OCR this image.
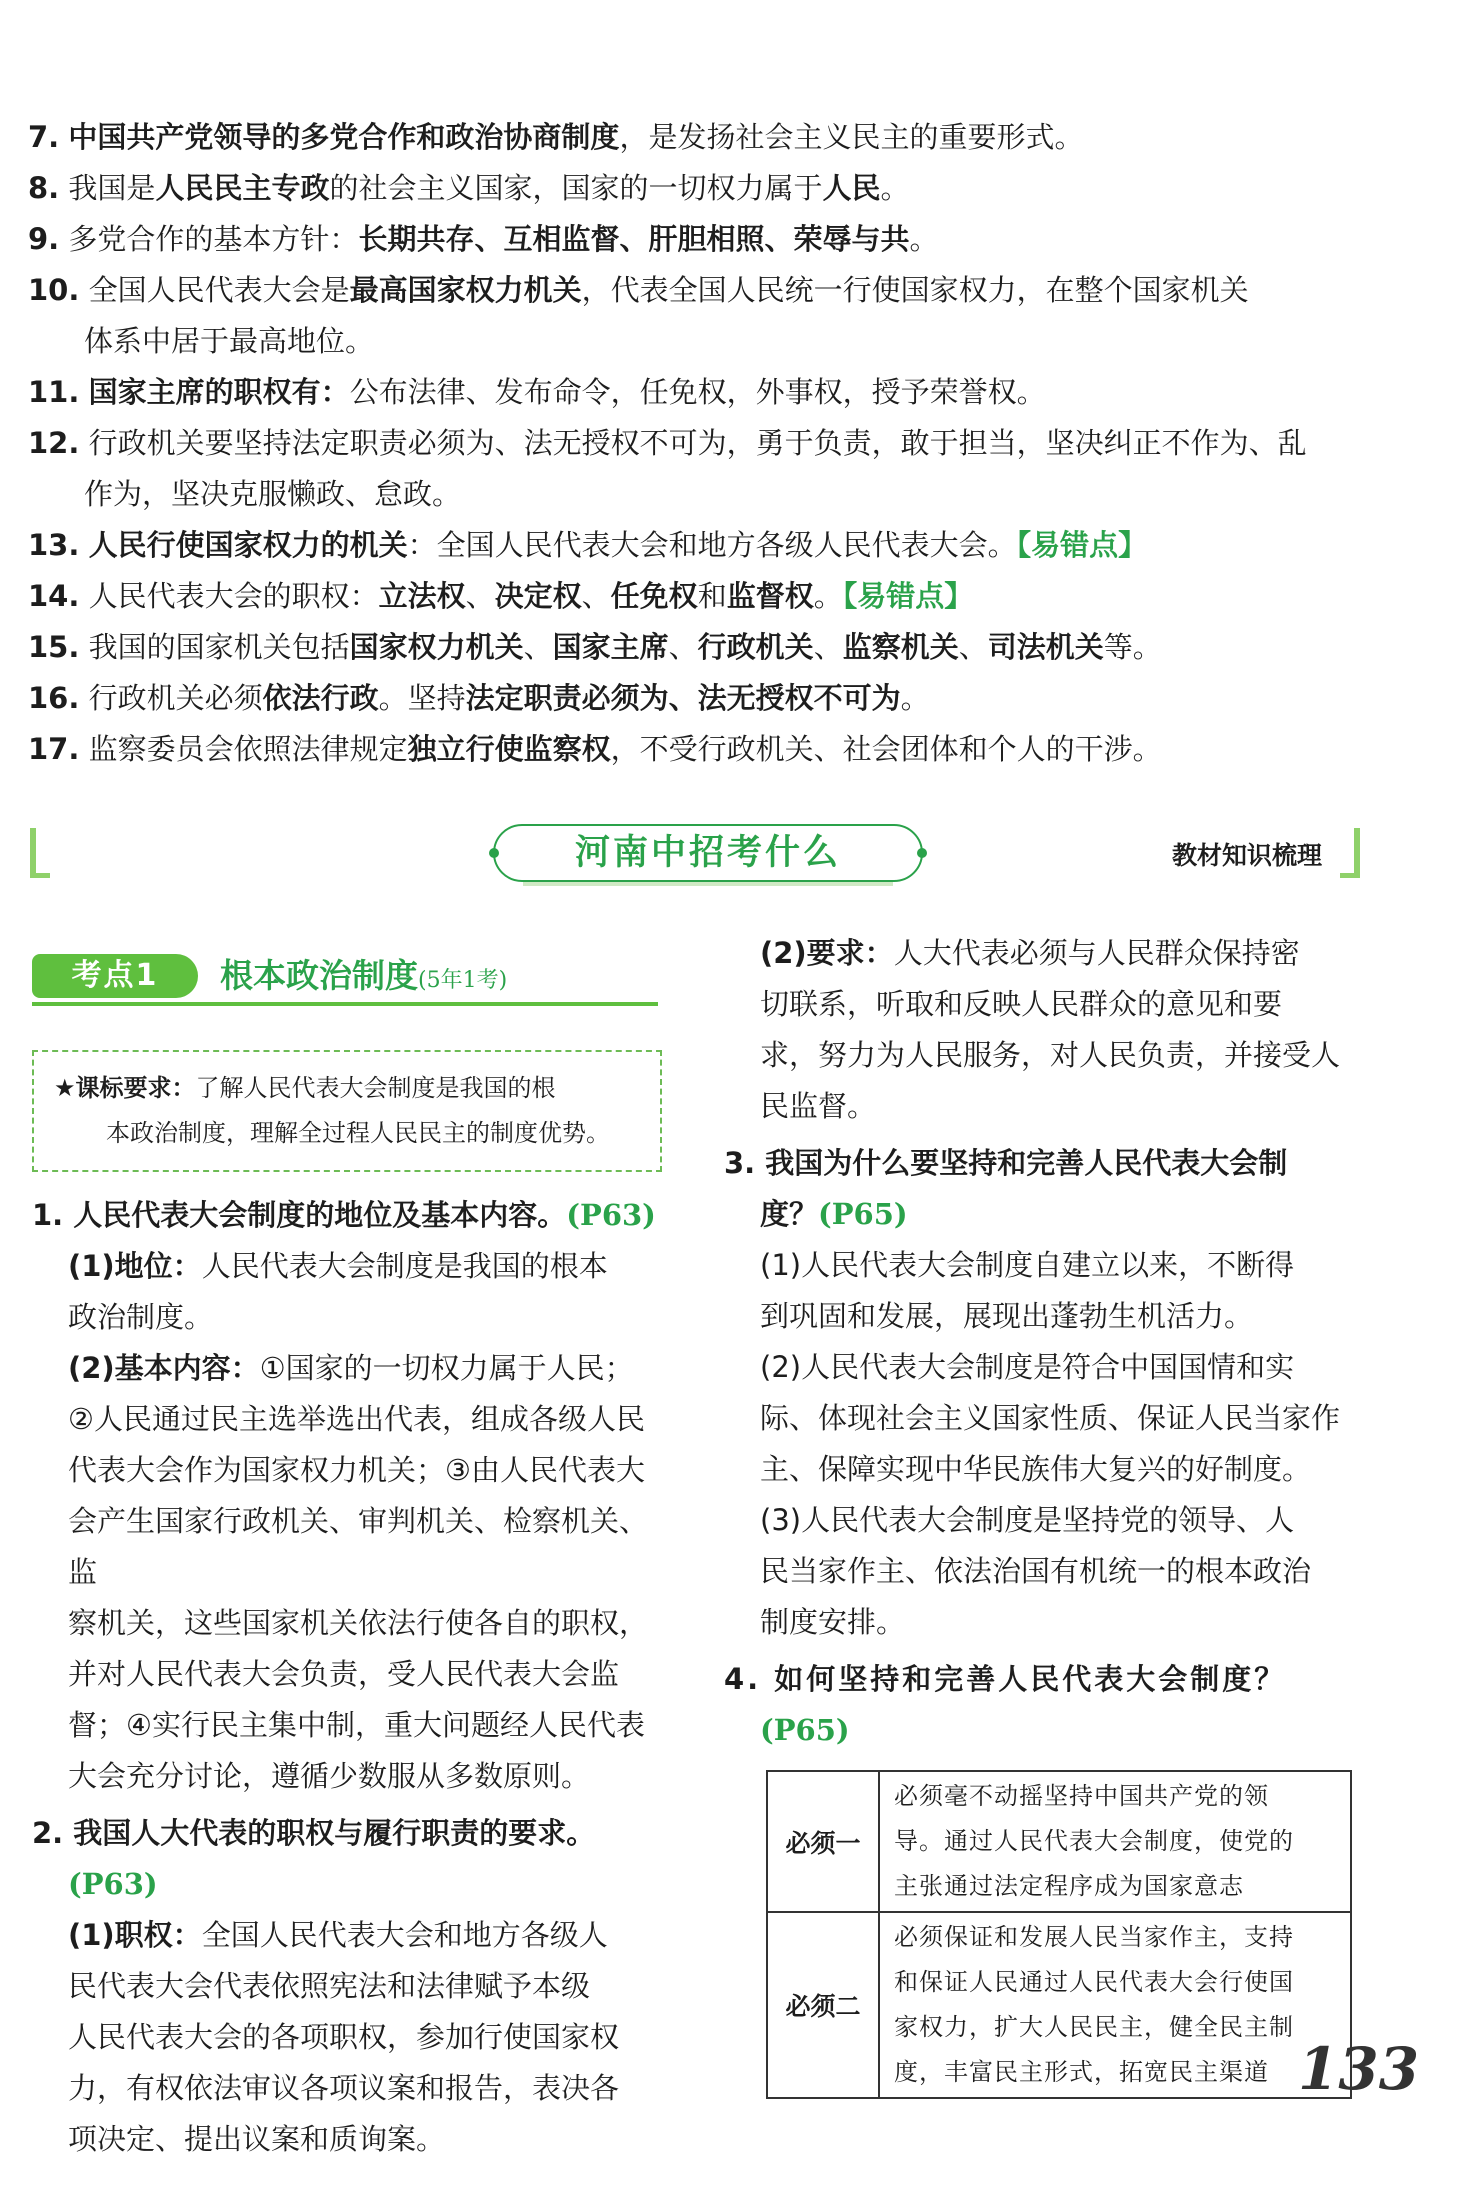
7. 中国共产党领导的多党合作和政治协商制度，是发扬社会主义民主的重要形式。
8. 我国是人民民主专政的社会主义国家，国家的一切权力属于人民。
9. 多党合作的基本方针：长期共存、互相监督、肝胆相照、荣辱与共。
10. 全国人民代表大会是最高国家权力机关，代表全国人民统一行使国家权力，在整个国家机关
体系中居于最高地位。
11. 国家主席的职权有：公布法律、发布命令，任免权，外事权，授予荣誉权。
12. 行政机关要坚持法定职责必须为、法无授权不可为，勇于负责，敢于担当，坚决纠正不作为、乱
作为，坚决克服懒政、怠政。
13. 人民行使国家权力的机关：全国人民代表大会和地方各级人民代表大会。【易错点】
14. 人民代表大会的职权：立法权、决定权、任免权和监督权。【易错点】
15. 我国的国家机关包括国家权力机关、国家主席、行政机关、监察机关、司法机关等。
16. 行政机关必须依法行政。坚持法定职责必须为、法无授权不可为。
17. 监察委员会依照法律规定独立行使监察权，不受行政机关、社会团体和个人的干涉。
河南中招考什么	教材知识梳理
考点1	根本政治制度(5年1考)
★课标要求：了解人民代表大会制度是我国的根
本政治制度，理解全过程人民民主的制度优势。
1. 人民代表大会制度的地位及基本内容。(P63)
(1)地位：人民代表大会制度是我国的根本
政治制度。
(2)基本内容：①国家的一切权力属于人民；
②人民通过民主选举选出代表，组成各级人民
代表大会作为国家权力机关；③由人民代表大
会产生国家行政机关、审判机关、检察机关、监
察机关，这些国家机关依法行使各自的职权，
并对人民代表大会负责，受人民代表大会监
督；④实行民主集中制，重大问题经人民代表
大会充分讨论，遵循少数服从多数原则。
2. 我国人大代表的职权与履行职责的要求。
(P63)
(1)职权：全国人民代表大会和地方各级人
民代表大会代表依照宪法和法律赋予本级
人民代表大会的各项职权，参加行使国家权
力，有权依法审议各项议案和报告，表决各
项决定、提出议案和质询案。
(2)要求：人大代表必须与人民群众保持密
切联系，听取和反映人民群众的意见和要
求，努力为人民服务，对人民负责，并接受人
民监督。
3. 我国为什么要坚持和完善人民代表大会制
度？(P65)
(1)人民代表大会制度自建立以来，不断得
到巩固和发展，展现出蓬勃生机活力。
(2)人民代表大会制度是符合中国国情和实
际、体现社会主义国家性质、保证人民当家作
主、保障实现中华民族伟大复兴的好制度。
(3)人民代表大会制度是坚持党的领导、人
民当家作主、依法治国有机统一的根本政治
制度安排。
4. 如何坚持和完善人民代表大会制度？
(P65)
必须一	必须毫不动摇坚持中国共产党的领
导。通过人民代表大会制度，使党的
主张通过法定程序成为国家意志

必须二	必须保证和发展人民当家作主，支持
和保证人民通过人民代表大会行使国
家权力，扩大人民民主，健全民主制
度，丰富民主形式，拓宽民主渠道 133
